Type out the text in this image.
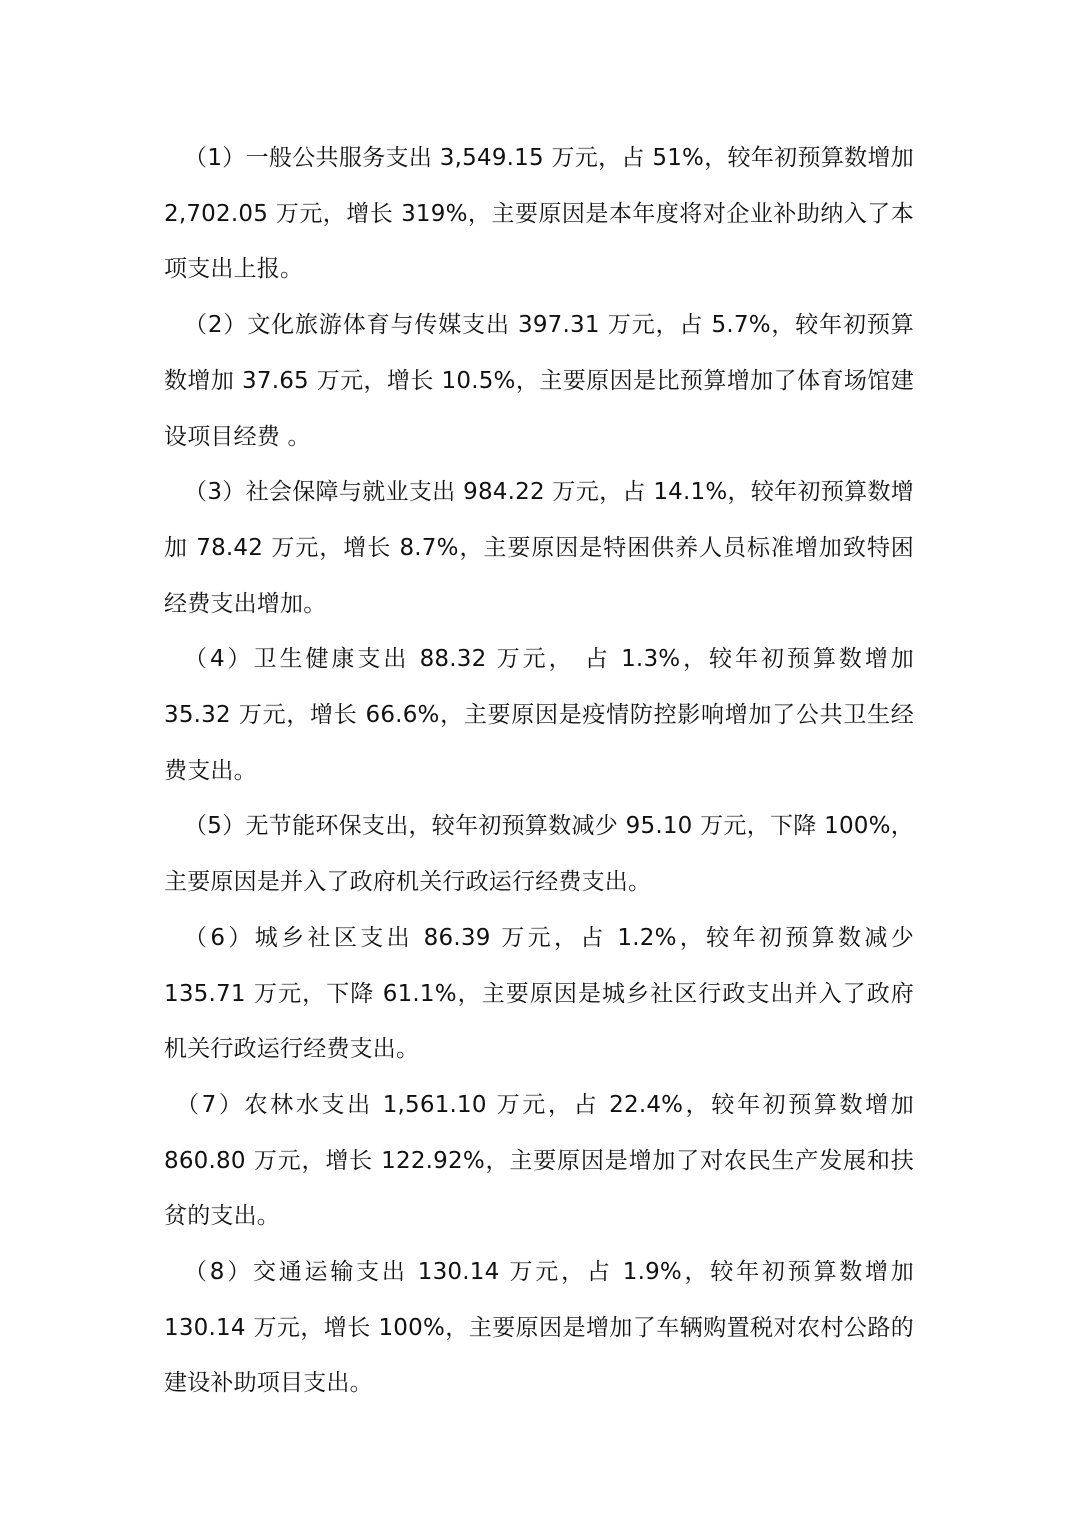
（1）一般公共服务支出 3,549.15 万元，占 51%，较年初预算数增加 2,702.05 万元，增长 319%，主要原因是本年度将对企业补助纳入了本项支出上报。

（2）文化旅游体育与传媒支出 397.31 万元，占 5.7%，较年初预算数增加 37.65 万元，增长 10.5%，主要原因是比预算增加了体育场馆建设项目经费 。

（3）社会保障与就业支出 984.22 万元，占 14.1%，较年初预算数增加 78.42 万元，增长 8.7%，主要原因是特困供养人员标准增加致特困经费支出增加。

（4）卫生健康支出 88.32 万元， 占 1.3%，较年初预算数增加 35.32 万元，增长 66.6%，主要原因是疫情防控影响增加了公共卫生经费支出。

（5）无节能环保支出，较年初预算数减少 95.10 万元，下降 100%，主要原因是并入了政府机关行政运行经费支出。

（6）城乡社区支出 86.39 万元，占 1.2%，较年初预算数减少 135.71 万元，下降 61.1%，主要原因是城乡社区行政支出并入了政府机关行政运行经费支出。

（7）农林水支出 1,561.10 万元，占 22.4%，较年初预算数增加 860.80 万元，增长 122.92%，主要原因是增加了对农民生产发展和扶贫的支出。

（8）交通运输支出 130.14 万元，占 1.9%，较年初预算数增加 130.14 万元，增长 100%，主要原因是增加了车辆购置税对农村公路的建设补助项目支出。
